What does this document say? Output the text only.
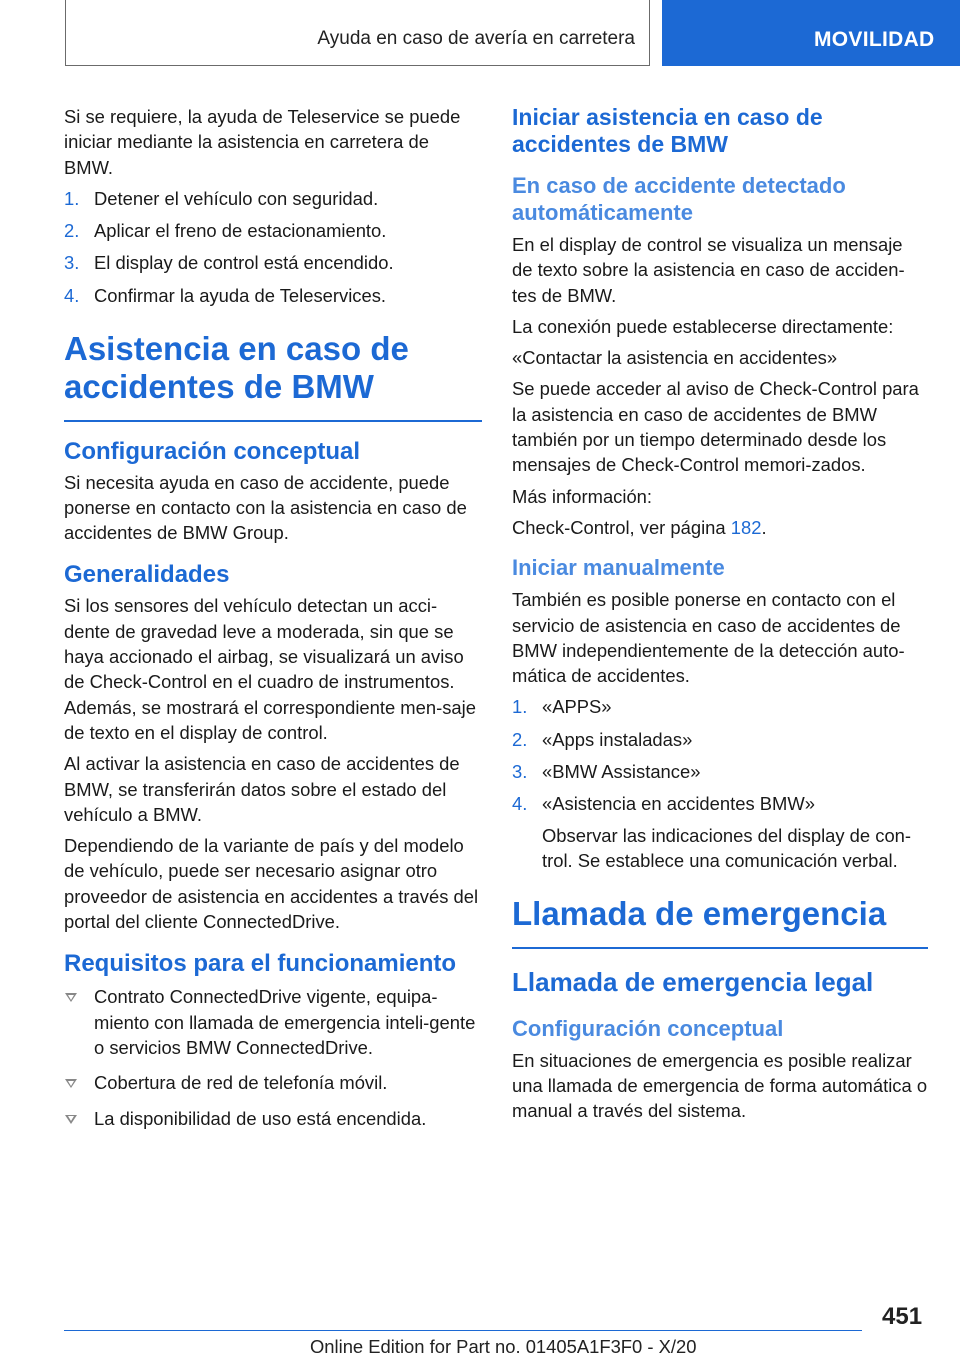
Ayuda en caso de avería en carretera	MOVILIDAD

Si se requiere, la ayuda de Teleservice se puede iniciar mediante la asistencia en carretera de BMW.

1. Detener el vehículo con seguridad.
2. Aplicar el freno de estacionamiento.
3. El display de control está encendido.
4. Confirmar la ayuda de Teleservices.
Asistencia en caso de accidentes de BMW
Configuración conceptual

Si necesita ayuda en caso de accidente, puede ponerse en contacto con la asistencia en caso de accidentes de BMW Group.

Generalidades

Si los sensores del vehículo detectan un acci-dente de gravedad leve a moderada, sin que se haya accionado el airbag, se visualizará un aviso de Check-Control en el cuadro de instrumentos. Además, se mostrará el correspondiente men-saje de texto en el display de control.

Al activar la asistencia en caso de accidentes de BMW, se transferirán datos sobre el estado del vehículo a BMW.

Dependiendo de la variante de país y del modelo de vehículo, puede ser necesario asignar otro proveedor de asistencia en accidentes a través del portal del cliente ConnectedDrive.

Requisitos para el funcionamiento
Contrato ConnectedDrive vigente, equipa-miento con llamada de emergencia inteli-gente o servicios BMW ConnectedDrive.
Cobertura de red de telefonía móvil.
La disponibilidad de uso está encendida.
Iniciar asistencia en caso de accidentes de BMW
En caso de accidente detectado automáticamente

En el display de control se visualiza un mensaje de texto sobre la asistencia en caso de acciden-tes de BMW.

La conexión puede establecerse directamente:

«Contactar la asistencia en accidentes»

Se puede acceder al aviso de Check-Control para la asistencia en caso de accidentes de BMW también por un tiempo determinado desde los mensajes de Check-Control memori-zados.

Más información:

Check-Control, ver página 182.

Iniciar manualmente

También es posible ponerse en contacto con el servicio de asistencia en caso de accidentes de BMW independientemente de la detección auto-mática de accidentes.

1. «APPS»
2. «Apps instaladas»
3. «BMW Assistance»
4. «Asistencia en accidentes BMW»
Observar las indicaciones del display de con-trol. Se establece una comunicación verbal.
Llamada de emergencia
Llamada de emergencia legal
Configuración conceptual

En situaciones de emergencia es posible realizar una llamada de emergencia de forma automática o manual a través del sistema.

451
Online Edition for Part no. 01405A1F3F0 - X/20
